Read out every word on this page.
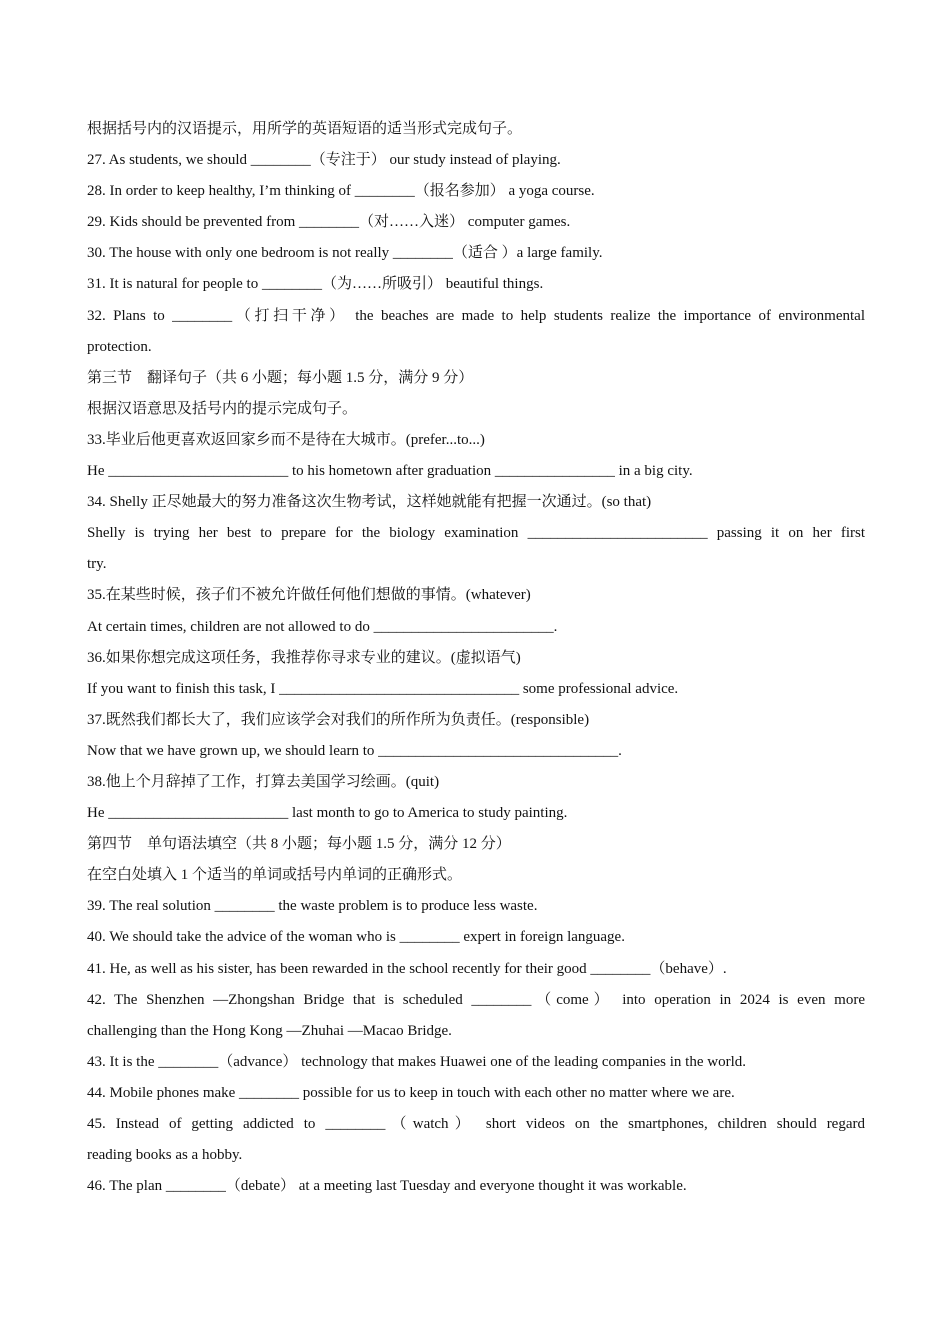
根据括号内的汉语提示，用所学的英语短语的适当形式完成句子。
27. As students, we should ________（专注于） our study instead of playing.
28. In order to keep healthy, I’m thinking of ________（报名参加） a yoga course.
29. Kids should be prevented from ________（对……入迷） computer games.
30. The house with only one bedroom is not really ________（适合 ）a large family.
31. It is natural for people to ________（为……所吸引） beautiful things.
32. Plans to ________（打扫干净） the beaches are made to help students realize the importance of environmental
protection.
第三节　翻译句子（共 6 小题；每小题 1.5 分，满分 9 分）
根据汉语意思及括号内的提示完成句子。
33.毕业后他更喜欢返回家乡而不是待在大城市。(prefer...to...)
He ________________________ to his hometown after graduation ________________ in a big city.
34. Shelly 正尽她最大的努力准备这次生物考试，这样她就能有把握一次通过。(so that)
Shelly is trying her best to prepare for the biology examination ________________________ passing it on her first
try.
35.在某些时候，孩子们不被允许做任何他们想做的事情。(whatever)
At certain times, children are not allowed to do ________________________.
36.如果你想完成这项任务，我推荐你寻求专业的建议。(虚拟语气)
If you want to finish this task, I ________________________________ some professional advice.
37.既然我们都长大了，我们应该学会对我们的所作所为负责任。(responsible)
Now that we have grown up, we should learn to ________________________________.
38.他上个月辞掉了工作，打算去美国学习绘画。(quit)
He ________________________ last month to go to America to study painting.
第四节　单句语法填空（共 8 小题；每小题 1.5 分，满分 12 分）
在空白处填入 1 个适当的单词或括号内单词的正确形式。
39. The real solution ________ the waste problem is to produce less waste.
40. We should take the advice of the woman who is ________ expert in foreign language.
41. He, as well as his sister, has been rewarded in the school recently for their good ________（behave）.
42. The Shenzhen —Zhongshan Bridge that is scheduled ________（come） into operation in 2024 is even more
challenging than the Hong Kong —Zhuhai —Macao Bridge.
43. It is the ________（advance） technology that makes Huawei one of the leading companies in the world.
44. Mobile phones make ________ possible for us to keep in touch with each other no matter where we are.
45. Instead of getting addicted to ________（watch） short videos on the smartphones, children should regard
reading books as a hobby.
46. The plan ________（debate） at a meeting last Tuesday and everyone thought it was workable.
